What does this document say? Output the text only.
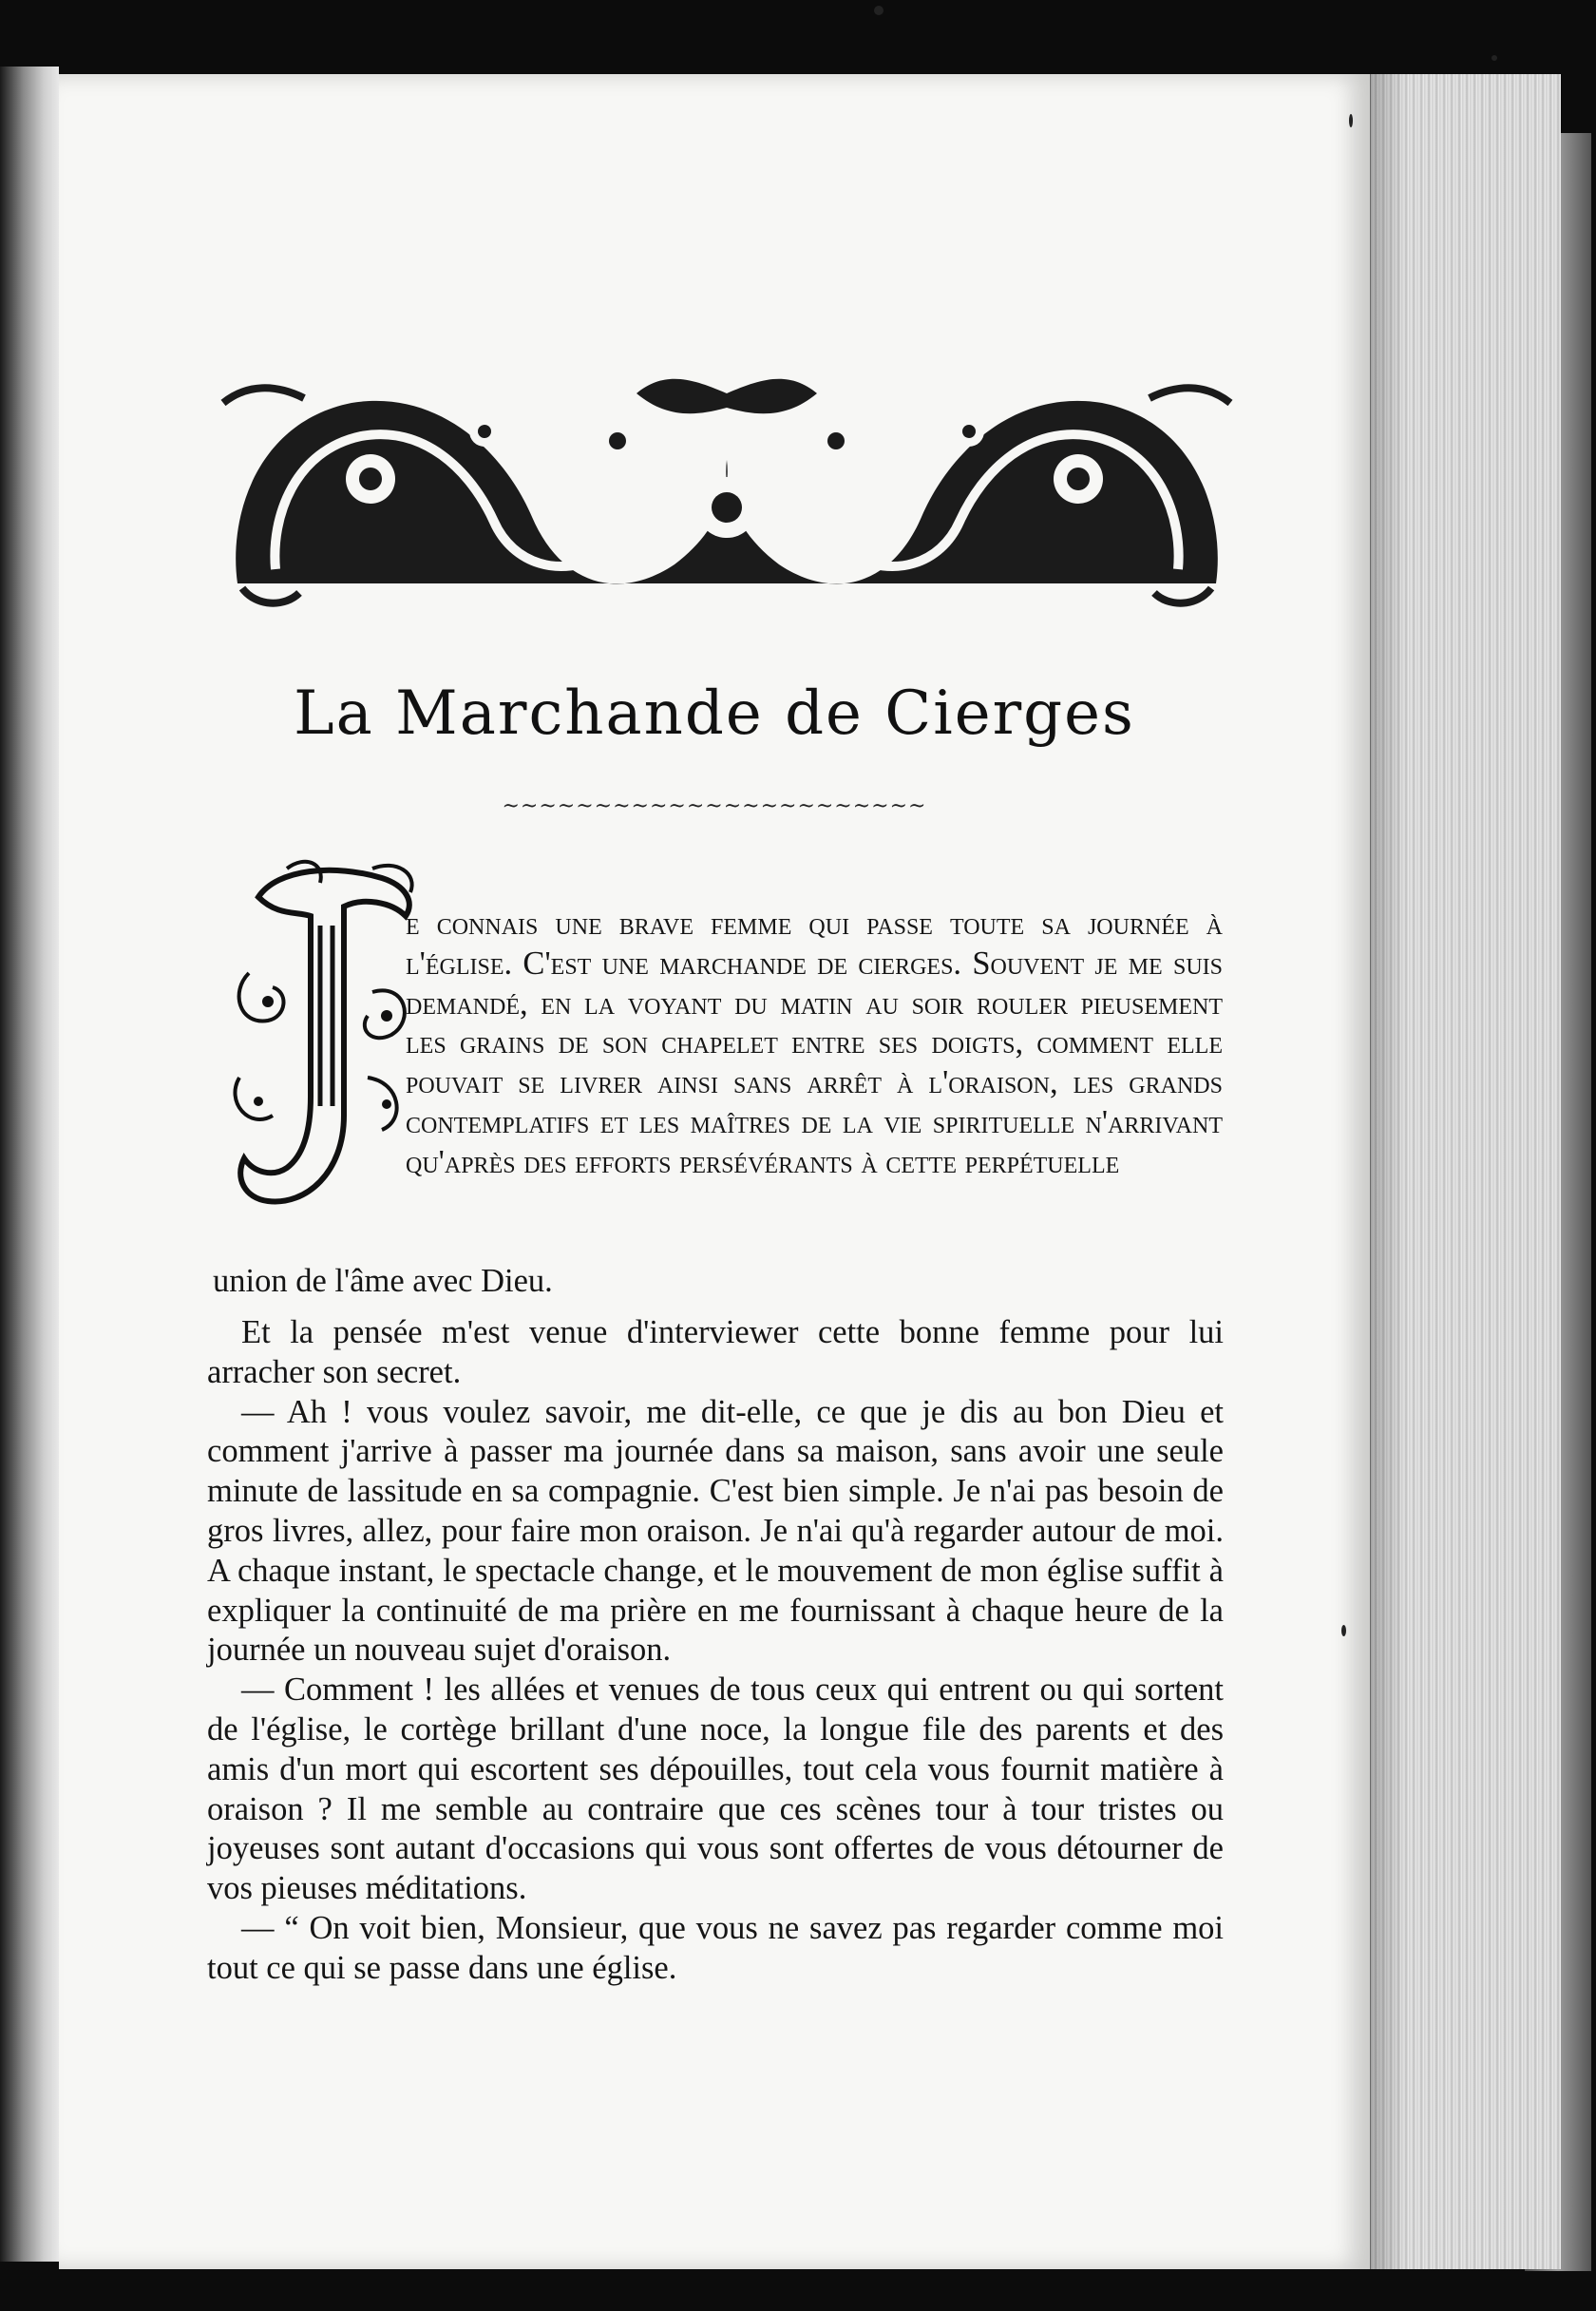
La Marchande de Cierges
~~~~~~~~~~~~~~~~~~~~~~~
e connais une brave femme qui passe toute sa journée à l'église. C'est une marchande de cierges. Souvent je me suis demandé, en la voyant du matin au soir rouler pieusement les grains de son chapelet entre ses doigts, comment elle pouvait se livrer ainsi sans arrêt à l'oraison, les grands contemplatifs et les maîtres de la vie spirituelle n'arrivant qu'après des efforts persévérants à cette perpétuelle
union de l'âme avec Dieu.

Et la pensée m'est venue d'interviewer cette bonne femme pour lui arracher son secret.

— Ah ! vous voulez savoir, me dit-elle, ce que je dis au bon Dieu et comment j'arrive à passer ma journée dans sa maison, sans avoir une seule minute de lassitude en sa compagnie. C'est bien simple. Je n'ai pas besoin de gros livres, allez, pour faire mon oraison. Je n'ai qu'à regarder autour de moi. A chaque instant, le spectacle change, et le mouvement de mon église suffit à expliquer la continuité de ma prière en me fournissant à chaque heure de la journée un nouveau sujet d'oraison.

— Comment ! les allées et venues de tous ceux qui entrent ou qui sortent de l'église, le cortège brillant d'une noce, la longue file des parents et des amis d'un mort qui escortent ses dépouilles, tout cela vous fournit matière à oraison ? Il me semble au contraire que ces scènes tour à tour tristes ou joyeuses sont autant d'occasions qui vous sont offertes de vous détourner de vos pieuses méditations.

— “ On voit bien, Monsieur, que vous ne savez pas regarder comme moi tout ce qui se passe dans une église.
